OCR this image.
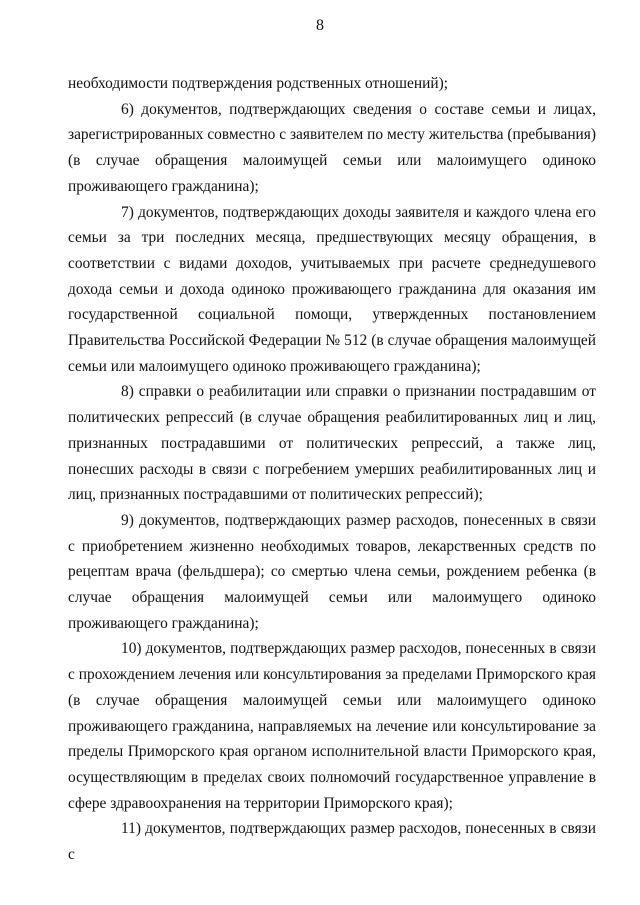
8

необходимости подтверждения родственных отношений);

6) документов, подтверждающих сведения о составе семьи и лицах, зарегистрированных совместно с заявителем по месту жительства (пребывания) (в случае обращения малоимущей семьи или малоимущего одиноко проживающего гражданина);

7) документов, подтверждающих доходы заявителя и каждого члена его семьи за три последних месяца, предшествующих месяцу обращения, в соответствии с видами доходов, учитываемых при расчете среднедушевого дохода семьи и дохода одиноко проживающего гражданина для оказания им государственной социальной помощи, утвержденных постановлением Правительства Российской Федерации № 512 (в случае обращения малоимущей семьи или малоимущего одиноко проживающего гражданина);

8) справки о реабилитации или справки о признании пострадавшим от политических репрессий (в случае обращения реабилитированных лиц и лиц, признанных пострадавшими от политических репрессий, а также лиц, понесших расходы в связи с погребением умерших реабилитированных лиц и лиц, признанных пострадавшими от политических репрессий);

9) документов, подтверждающих размер расходов, понесенных в связи с приобретением жизненно необходимых товаров, лекарственных средств по рецептам врача (фельдшера); со смертью члена семьи, рождением ребенка (в случае обращения малоимущей семьи или малоимущего одиноко проживающего гражданина);

10) документов, подтверждающих размер расходов, понесенных в связи с прохождением лечения или консультирования за пределами Приморского края (в случае обращения малоимущей семьи или малоимущего одиноко проживающего гражданина, направляемых на лечение или консультирование за пределы Приморского края органом исполнительной власти Приморского края, осуществляющим в пределах своих полномочий государственное управление в сфере здравоохранения на территории Приморского края);

11) документов, подтверждающих размер расходов, понесенных в связи с
